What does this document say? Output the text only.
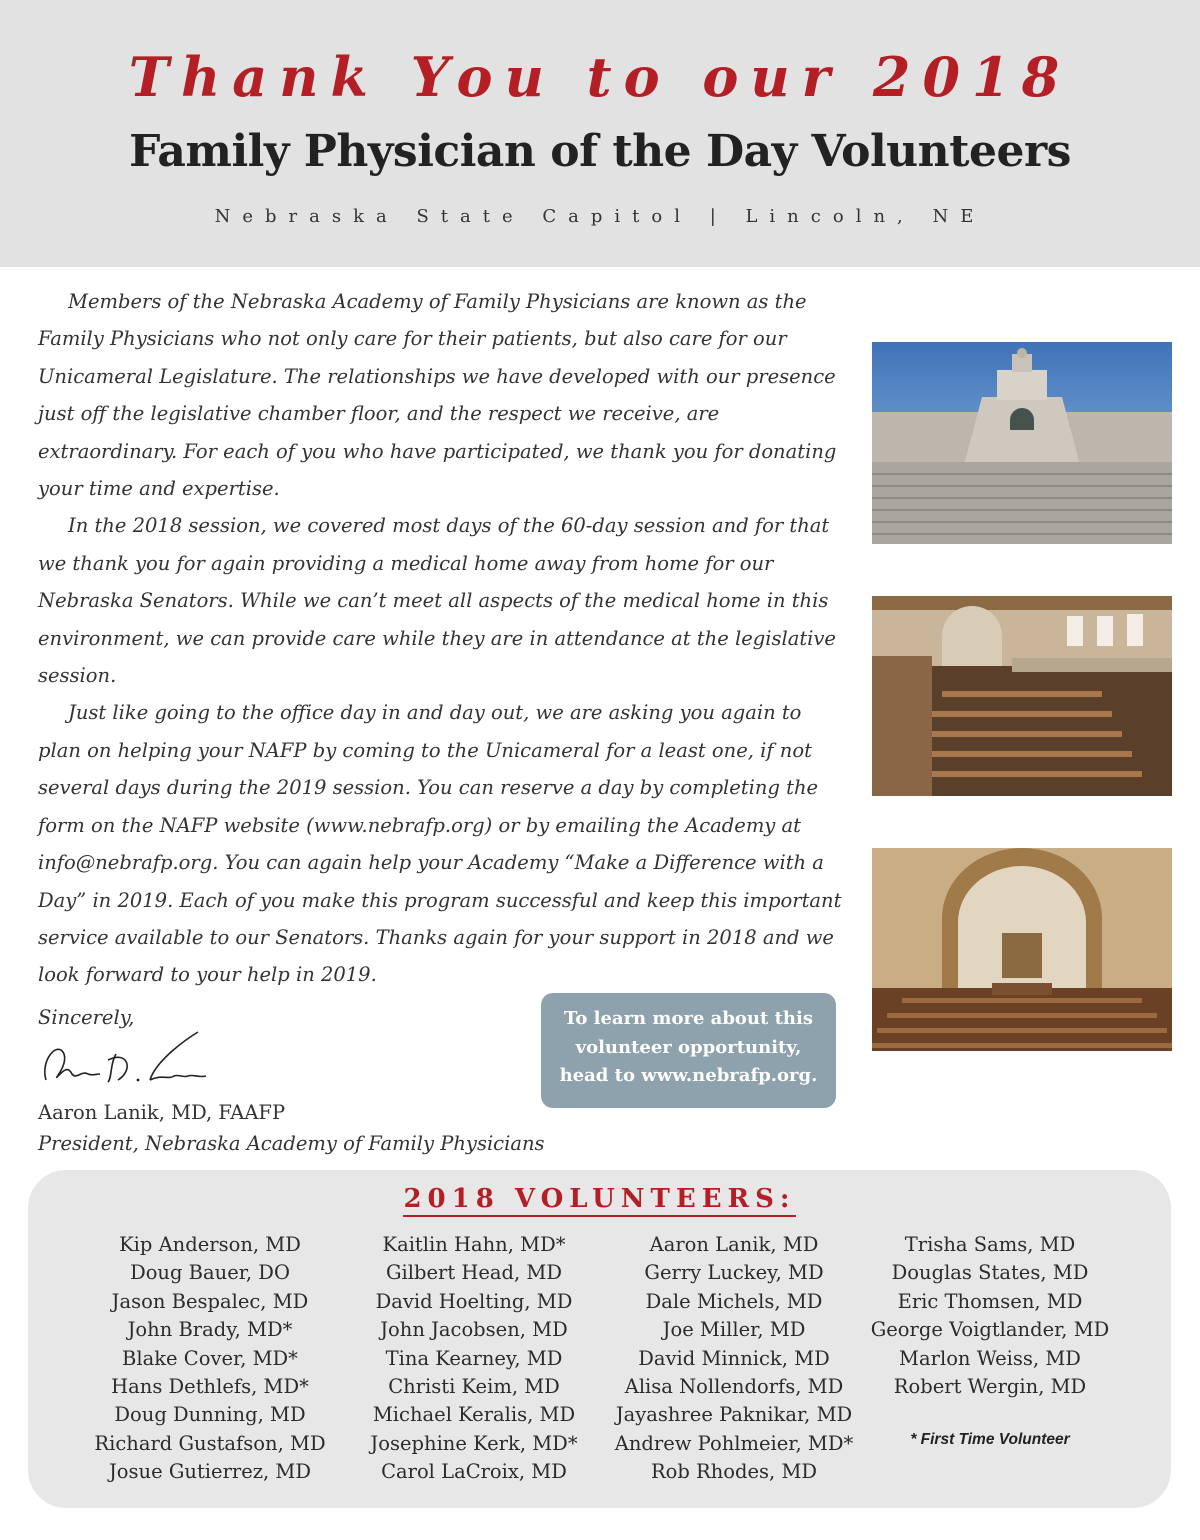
Thank You to our 2018
Family Physician of the Day Volunteers
Nebraska State Capitol | Lincoln, NE

Members of the Nebraska Academy of Family Physicians are known as the Family Physicians who not only care for their patients, but also care for our Unicameral Legislature. The relationships we have developed with our presence just off the legislative chamber floor, and the respect we receive, are extraordinary. For each of you who have participated, we thank you for donating your time and expertise.

In the 2018 session, we covered most days of the 60-day session and for that we thank you for again providing a medical home away from home for our Nebraska Senators. While we can’t meet all aspects of the medical home in this environment, we can provide care while they are in attendance at the legislative session.

Just like going to the office day in and day out, we are asking you again to plan on helping your NAFP by coming to the Unicameral for a least one, if not several days during the 2019 session. You can reserve a day by completing the form on the NAFP website (www.nebrafp.org) or by emailing the Academy at info@nebrafp.org. You can again help your Academy “Make a Difference with a Day” in 2019. Each of you make this program successful and keep this important service available to our Senators. Thanks again for your support in 2018 and we look forward to your help in 2019.

Sincerely,
Aaron Lanik, MD, FAAFP
President, Nebraska Academy of Family Physicians
To learn more about this
volunteer opportunity,
head to www.nebrafp.org.
2018 VOLUNTEERS:
Kip Anderson, MD
Doug Bauer, DO
Jason Bespalec, MD
John Brady, MD*
Blake Cover, MD*
Hans Dethlefs, MD*
Doug Dunning, MD
Richard Gustafson, MD
Josue Gutierrez, MD
Kaitlin Hahn, MD*
Gilbert Head, MD
David Hoelting, MD
John Jacobsen, MD
Tina Kearney, MD
Christi Keim, MD
Michael Keralis, MD
Josephine Kerk, MD*
Carol LaCroix, MD
Aaron Lanik, MD
Gerry Luckey, MD
Dale Michels, MD
Joe Miller, MD
David Minnick, MD
Alisa Nollendorfs, MD
Jayashree Paknikar, MD
Andrew Pohlmeier, MD*
Rob Rhodes, MD
Trisha Sams, MD
Douglas States, MD
Eric Thomsen, MD
George Voigtlander, MD
Marlon Weiss, MD
Robert Wergin, MD
* First Time Volunteer
